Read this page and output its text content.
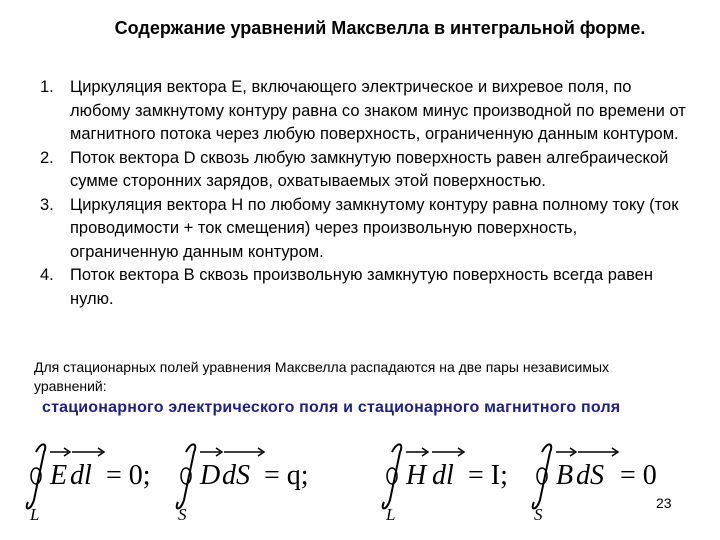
Содержание уравнений Максвелла в интегральной форме.
1. Циркуляция вектора E, включающего электрическое и вихревое поля, по любому замкнутому контуру равна со знаком минус производной по времени от магнитного потока через любую поверхность, ограниченную данным контуром.
2. Поток вектора D сквозь любую замкнутую поверхность равен алгебраической сумме сторонних зарядов, охватываемых этой поверхностью.
3. Циркуляция вектора Н по любому замкнутому контуру равна полному току (ток проводимости + ток смещения) через произвольную поверхность, ограниченную данным контуром.
4. Поток вектора B сквозь произвольную замкнутую поверхность всегда равен нулю.
Для стационарных полей уравнения Максвелла распадаются на две пары независимых уравнений:
стационарного электрического поля и стационарного магнитного поля
L
E dl = 0;
S
D dS = q;
L
H dl = I;
S
B dS = 0
23
